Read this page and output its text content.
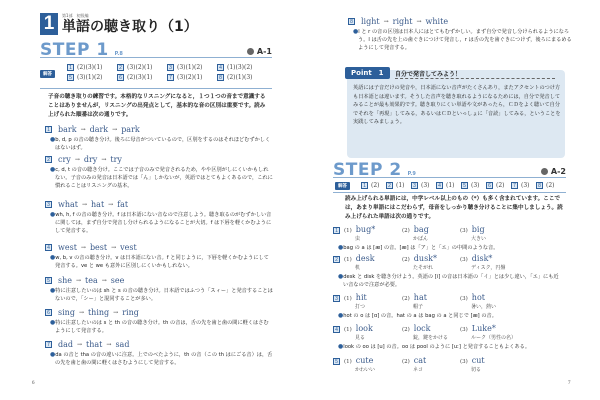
1	第1部　初級編
単語の聴き取り（1）
STEP 1 P.8	A-1
解答
1 (2)(3)(1)	2 (3)(2)(1)	3 (3)(1)(2)	4 (1)(3)(2)
5 (3)(1)(2)	6 (2)(3)(1)	7 (3)(2)(1)	8 (2)(1)(3)
子音の聴き取りの練習です。本格的なリスニングになると，１つ１つの音まで意識することはありませんが，リスニングの出発点として，基本的な音の区別は重要です。読み上げられた順番は次の通りです。
1 bark → dark → park
●b, d, p の音の聴き分け。後ろに母音がついているので，区別をするのはそれほどむずかしくはないはず。
2 cry → dry → try
●c, d, t の音の聴き分け。ここでは子音のみで発音されるため，やや区別がしにくいかもしれない。子音のみの発音は日本語では「ん」しかないが，英語ではとてもよくあるので，これに慣れることはリスニングの基本。
3 what → hat → fat
●wh, h, f の音の聴き分け。f は日本語にない音なので注意しよう。聴き取るのがむずかしい音に関しては，まず自分で発音し分けられるようになることが大切。f は下唇を軽くかむようにして発音する。
4 west → best → vest
●w, b, v の音の聴き分け。v は日本語にない音。f と同じように，下唇を軽くかむようにして発音する。ve と we も意外に区別しにくいかもしれない。
5 she → tea → see
●特に注意したいのは sh と s の音の聴き分け。日本語ではふつう「スィー」と発音することはないので，「シー」と混同することが多い。
6 sing → thing → ring
●特に注意したいのは s と th の音の聴き分け。th の音は，舌の先を歯と歯の間に軽くはさむようにして発音する。
7 dad → that → sad
●da の音と tha の音の違いに注意。上でのべたように，th の音（この th はにごる音）は，舌の先を歯と歯の間に軽くはさむようにして発音する。
6
8 light → right → white
●l と r の音の区別は日本人にはとてもむずかしい。まず自分で発音し分けられるようになろう。l は舌の先を上の歯ぐきにつけて発音し，r は舌の先を歯ぐきにつけず，後ろにまるめるようにして発音する。
Point　1	自分で発音してみよう！
英語には子音だけの発音や，日本語にない音声がたくさんあり，またアクセントのつけ方も日本語とは違います。そうした音声を聴き取れるようになるためには，自分で発音してみることが最も効果的です。聴き取りにくい単語や文があったら，ＣＤをよく聴いて自分でそれを「再現」してみる，あるいはＣＤといっしょに「音読」してみる，ということを実践してみましょう。
STEP 2 P.9	A-2
解答	1 (2)	2 (1)	3 (3)	4 (1)	5 (3)	6 (2)	7 (3)	8 (2)
読み上げられる単語には，中学レベル以上のもの（*）も多く含まれています。ここでは，あまり単語にはこだわらず，母音をしっかり聴き分けることに集中しましょう。読み上げられた単語は次の通りです。
1	(1) bug*	(2) bag	(3) big
虫	かばん	大きい
●bag の a は [æ] の音。[æ] は「ア」と「エ」の中間のような音。
2	(1) desk	(2) dusk*	(3) disk*
机	たそがれ	ディスク，円盤
●desk と disk を聴き分けよう。英語の [i] の音は日本語の「イ」とは少し違い，「エ」にも近い音なので注意が必要。
3	(1) hit	(2) hat	(3) hot
打つ	帽子	暑い，熱い
●hot の o は [ɑ] の音。hat の a は bag の a と同じで [æ] の音。
4	(1) look	(2) lock	(3) Luke*
見る	錠，鍵をかける	ルーク（男性の名）
●look の oo は [u] の音。oo は pool のように [uː] と発音することもよくある。
5	(1) cute	(2) cat	(3) cut
かわいい	ネコ	切る
7
